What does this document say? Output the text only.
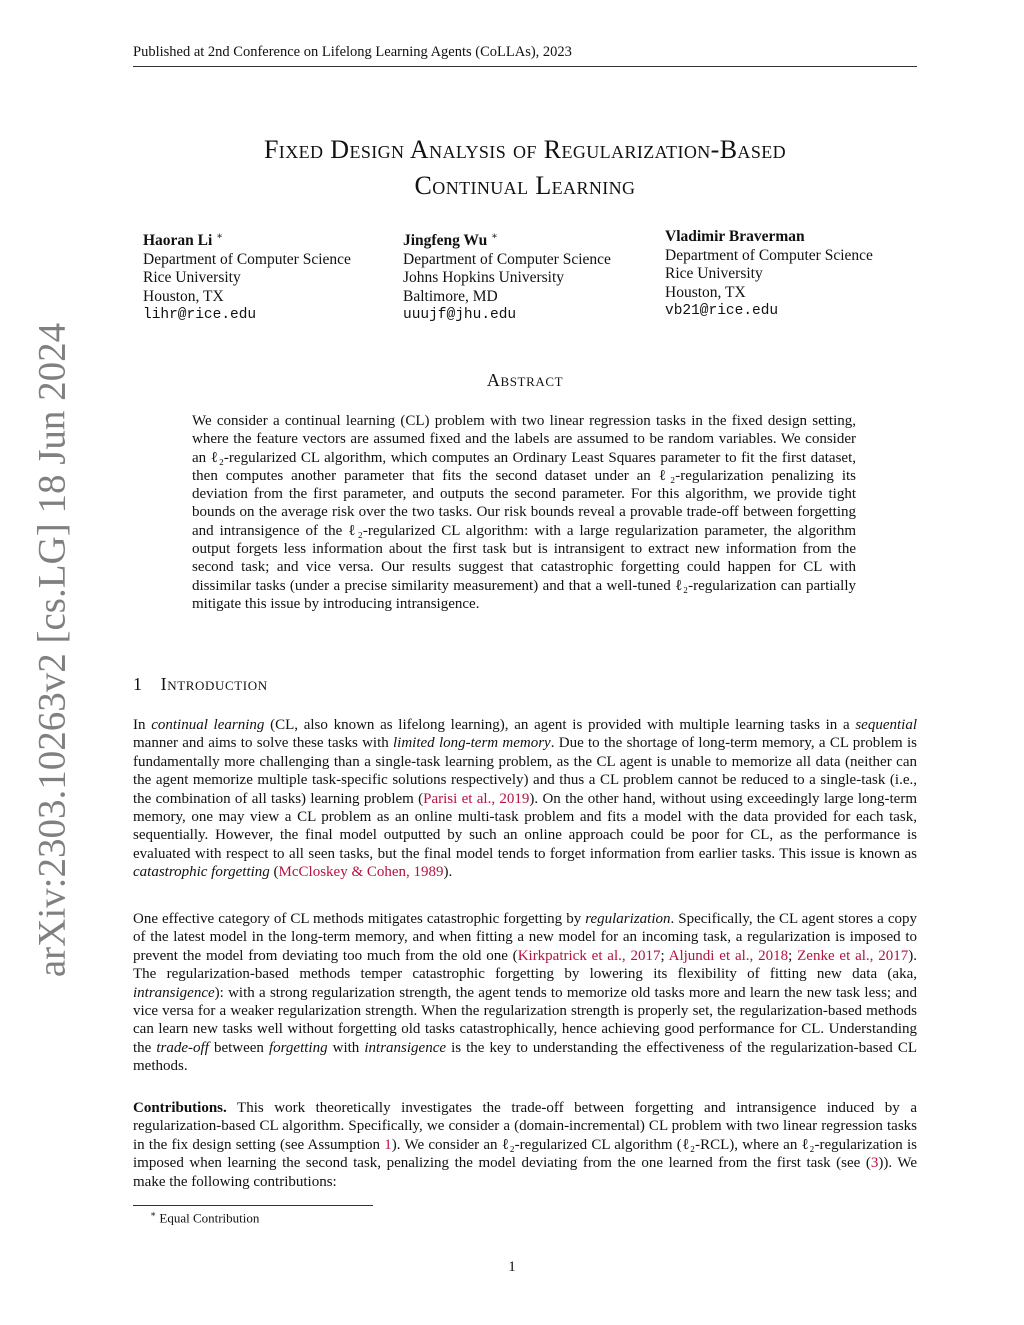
Published at 2nd Conference on Lifelong Learning Agents (CoLLAs), 2023
arXiv:2303.10263v2 [cs.LG] 18 Jun 2024
Fixed Design Analysis of Regularization-Based
Continual Learning
Haoran Li ∗
Department of Computer Science
Rice University
Houston, TX
lihr@rice.edu
Jingfeng Wu ∗
Department of Computer Science
Johns Hopkins University
Baltimore, MD
uuujf@jhu.edu
Vladimir Braverman
Department of Computer Science
Rice University
Houston, TX
vb21@rice.edu
Abstract

We consider a continual learning (CL) problem with two linear regression tasks in the fixed design setting, where the feature vectors are assumed fixed and the labels are assumed to be random variables. We consider an ℓ₂-regularized CL algorithm, which computes an Ordinary Least Squares parameter to fit the first dataset, then computes another parameter that fits the second dataset under an ℓ₂-regularization penalizing its deviation from the first parameter, and outputs the second parameter. For this algorithm, we provide tight bounds on the average risk over the two tasks. Our risk bounds reveal a provable trade-off between forgetting and intransigence of the ℓ₂-regularized CL algorithm: with a large regularization parameter, the algorithm output forgets less information about the first task but is intransigent to extract new information from the second task; and vice versa. Our results suggest that catastrophic forgetting could happen for CL with dissimilar tasks (under a precise similarity measurement) and that a well-tuned ℓ₂-regularization can partially mitigate this issue by introducing intransigence.

1 Introduction

In continual learning (CL, also known as lifelong learning), an agent is provided with multiple learning tasks in a sequential manner and aims to solve these tasks with limited long-term memory. Due to the shortage of long-term memory, a CL problem is fundamentally more challenging than a single-task learning problem, as the CL agent is unable to memorize all data (neither can the agent memorize multiple task-specific solutions respectively) and thus a CL problem cannot be reduced to a single-task (i.e., the combination of all tasks) learning problem (Parisi et al., 2019). On the other hand, without using exceedingly large long-term memory, one may view a CL problem as an online multi-task problem and fits a model with the data provided for each task, sequentially. However, the final model outputted by such an online approach could be poor for CL, as the performance is evaluated with respect to all seen tasks, but the final model tends to forget information from earlier tasks. This issue is known as catastrophic forgetting (McCloskey & Cohen, 1989).

One effective category of CL methods mitigates catastrophic forgetting by regularization. Specifically, the CL agent stores a copy of the latest model in the long-term memory, and when fitting a new model for an incoming task, a regularization is imposed to prevent the model from deviating too much from the old one (Kirkpatrick et al., 2017; Aljundi et al., 2018; Zenke et al., 2017). The regularization-based methods temper catastrophic forgetting by lowering its flexibility of fitting new data (aka, intransigence): with a strong regularization strength, the agent tends to memorize old tasks more and learn the new task less; and vice versa for a weaker regularization strength. When the regularization strength is properly set, the regularization-based methods can learn new tasks well without forgetting old tasks catastrophically, hence achieving good performance for CL. Understanding the trade-off between forgetting with intransigence is the key to understanding the effectiveness of the regularization-based CL methods.

Contributions. This work theoretically investigates the trade-off between forgetting and intransigence induced by a regularization-based CL algorithm. Specifically, we consider a (domain-incremental) CL problem with two linear regression tasks in the fix design setting (see Assumption 1). We consider an ℓ₂-regularized CL algorithm (ℓ₂-RCL), where an ℓ₂-regularization is imposed when learning the second task, penalizing the model deviating from the one learned from the first task (see (3)). We make the following contributions:

∗ Equal Contribution
1
